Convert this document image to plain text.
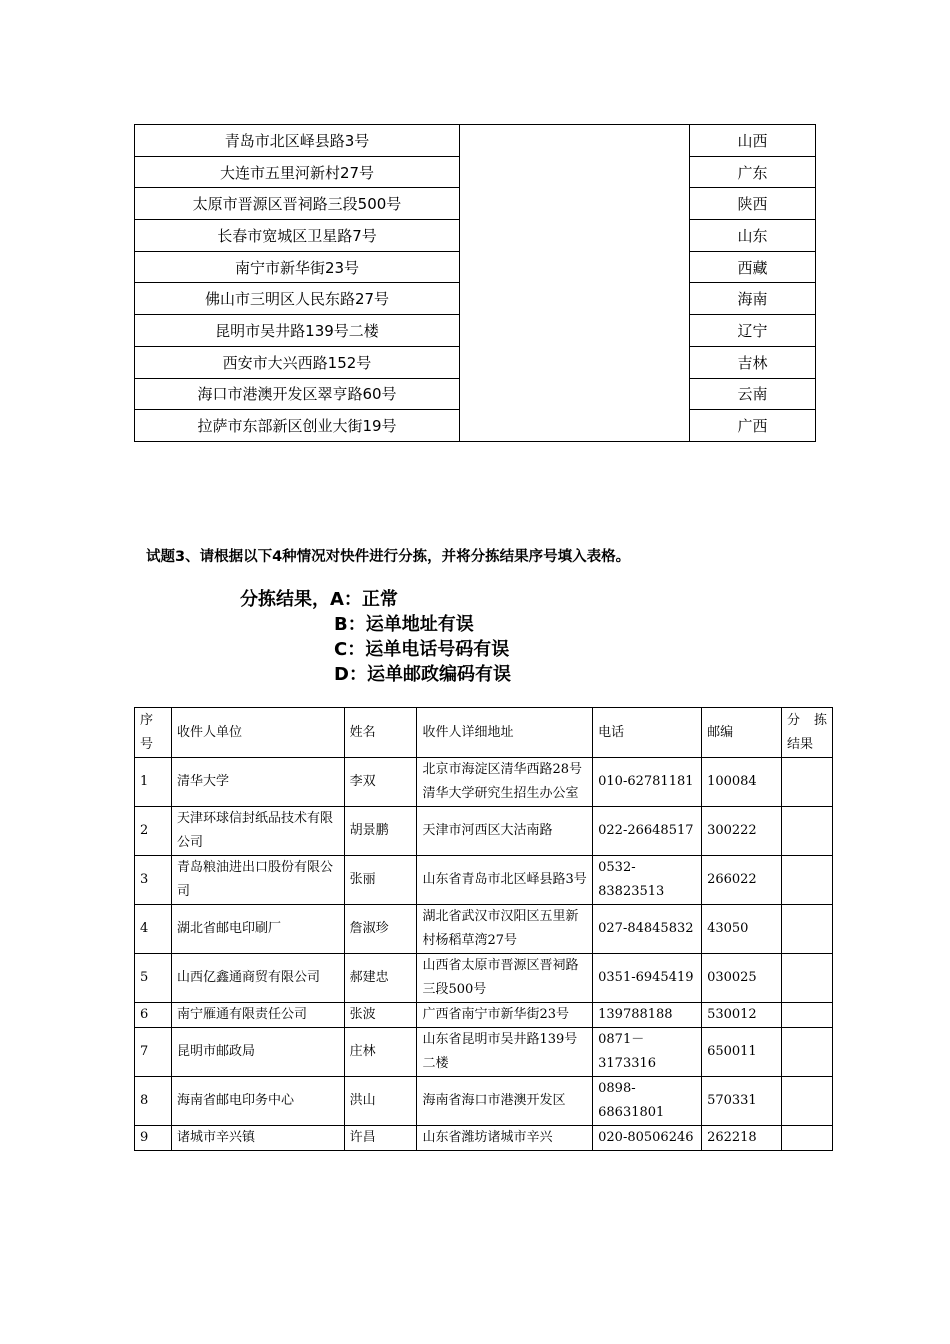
青岛市北区峄县路3号		山西
大连市五里河新村27号		广东
太原市晋源区晋祠路三段500号		陕西
长春市宽城区卫星路7号		山东
南宁市新华街23号		西藏
佛山市三明区人民东路27号		海南
昆明市吴井路139号二楼		辽宁
西安市大兴西路152号		吉林
海口市港澳开发区翠亨路60号		云南
拉萨市东部新区创业大街19号		广西
试题3、请根据以下4种情况对快件进行分拣，并将分拣结果序号填入表格。
分拣结果，A：正常
B：运单地址有误
C：运单电话号码有误
D：运单邮政编码有误
序号	收件人单位	姓名	收件人详细地址	电话	邮编	分 拣 结果
1	清华大学	李双	北京市海淀区清华西路28号清华大学研究生招生办公室	010-62781181	100084	
2	天津环球信封纸品技术有限公司	胡景鹏	天津市河西区大沽南路	022-26648517	300222	
3	青岛粮油进出口股份有限公司	张丽	山东省青岛市北区峄县路3号	0532-83823513	266022	
4	湖北省邮电印刷厂	詹淑珍	湖北省武汉市汉阳区五里新村杨稻草湾27号	027-84845832	43050	
5	山西亿鑫通商贸有限公司	郝建忠	山西省太原市晋源区晋祠路三段500号	0351-6945419	030025	
6	南宁雁通有限责任公司	张波	广西省南宁市新华街23号	139788188	530012	
7	昆明市邮政局	庄林	山东省昆明市吴井路139号二楼	0871－3173316	650011	
8	海南省邮电印务中心	洪山	海南省海口市港澳开发区	0898-68631801	570331	
9	诸城市辛兴镇	许昌	山东省潍坊诸城市辛兴	020-80506246	262218	
